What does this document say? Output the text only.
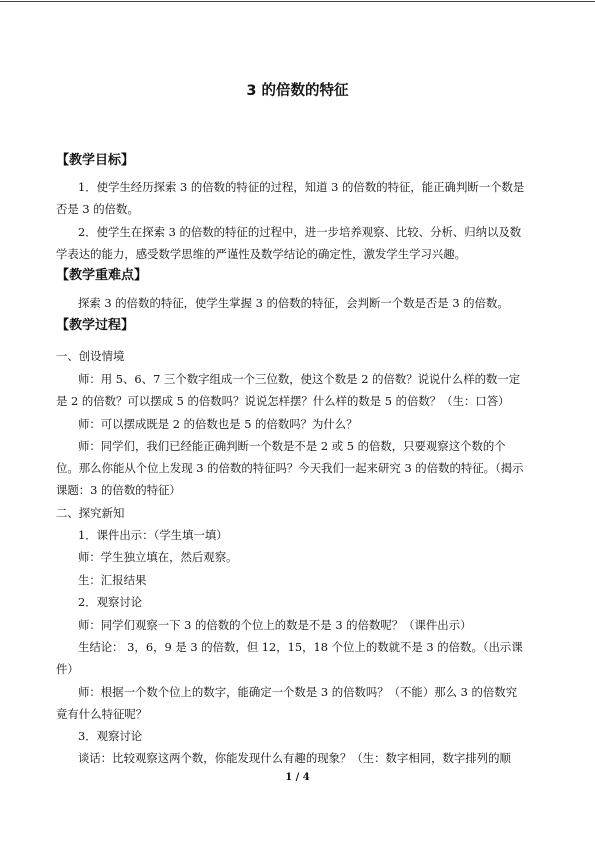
3 的倍数的特征
【教学目标】
1．使学生经历探索 3 的倍数的特征的过程，知道 3 的倍数的特征，能正确判断一个数是
否是 3 的倍数。
2．使学生在探索 3 的倍数的特征的过程中，进一步培养观察、比较、分析、归纳以及数
学表达的能力，感受数学思维的严谨性及数学结论的确定性，激发学生学习兴趣。
【教学重难点】
探索 3 的倍数的特征，使学生掌握 3 的倍数的特征，会判断一个数是否是 3 的倍数。
【教学过程】
一、创设情境
师：用 5、6、7 三个数字组成一个三位数，使这个数是 2 的倍数？说说什么样的数一定
是 2 的倍数？可以摆成 5 的倍数吗？说说怎样摆？什么样的数是 5 的倍数？（生：口答）
师：可以摆成既是 2 的倍数也是 5 的倍数吗？为什么？
师：同学们，我们已经能正确判断一个数是不是 2 或 5 的倍数，只要观察这个数的个
位。那么你能从个位上发现 3 的倍数的特征吗？今天我们一起来研究 3 的倍数的特征。（揭示
课题：3 的倍数的特征）
二、探究新知
1．课件出示：（学生填一填）
师：学生独立填在，然后观察。
生：汇报结果
2．观察讨论
师：同学们观察一下 3 的倍数的个位上的数是不是 3 的倍数呢？（课件出示）
生结论： 3，6，9 是 3 的倍数，但 12，15，18 个位上的数就不是 3 的倍数。（出示课
件）
师：根据一个数个位上的数字，能确定一个数是 3 的倍数吗？（不能）那么 3 的倍数究
竟有什么特征呢？
3．观察讨论
谈话：比较观察这两个数，你能发现什么有趣的现象？（生：数字相同，数字排列的顺
1 / 4
